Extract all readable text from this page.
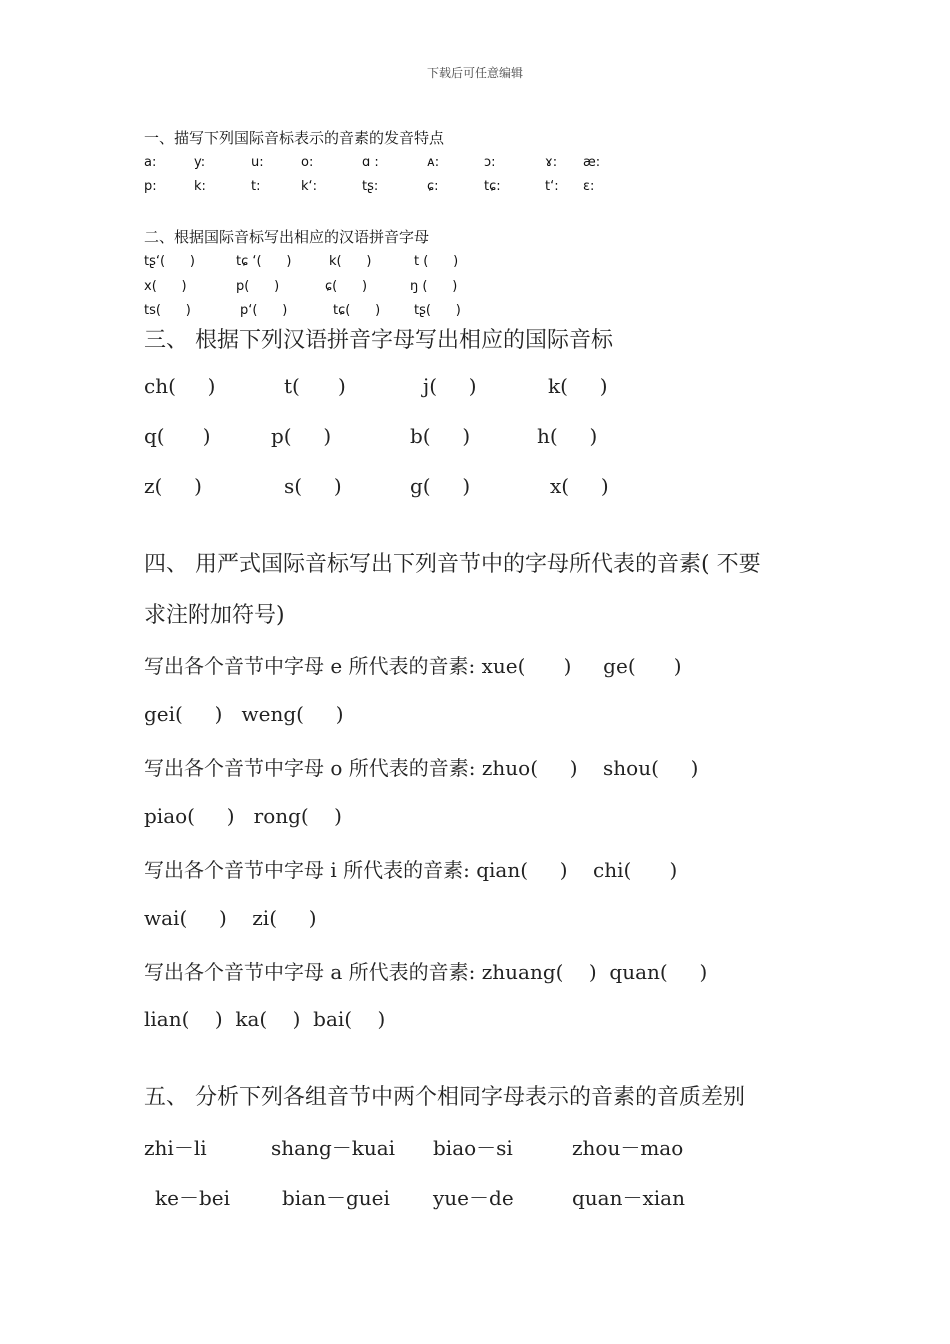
下载后可任意编辑
一、描写下列国际音标表示的音素的发音特点
a:	y:	u:	o:	ɑ :	ᴀ:	ɔ:	ɤ: æ:
p:	k:	t:	k‘:	tʂ:	ɕ:	tɕ:	t‘: ɛ:
二、根据国际音标写出相应的汉语拼音字母
tʂ‘(      )	tɕ ‘(      )	k(      )	t (      )
x(      )	p(      )	ɕ(      )	ŋ (      )
ts(      )	p‘(      )	tɕ(      )	tʂ(      )
三、 根据下列汉语拼音字母写出相应的国际音标
ch(     )	t(      )	j(     )	k(     )
q(      )	p(     )	b(     )	h(     )
z(     )	s(     )	g(     )	x(     )
四、 用严式国际音标写出下列音节中的字母所代表的音素( 不要
求注附加符号)
写出各个音节中字母 e 所代表的音素: xue(      )     ge(      )
gei(     )   weng(     )
写出各个音节中字母 o 所代表的音素: zhuo(     )    shou(     )
piao(     )   rong(    )
写出各个音节中字母 i 所代表的音素: qian(     )    chi(      )
wai(     )    zi(     )
写出各个音节中字母 a 所代表的音素: zhuang(    )  quan(     )
lian(    )  ka(    )  bai(    )
五、 分析下列各组音节中两个相同字母表示的音素的音质差别
zhi－li	shang－kuai biao－si	zhou－mao
ke－bei	bian－guei yue－de	quan－xian
